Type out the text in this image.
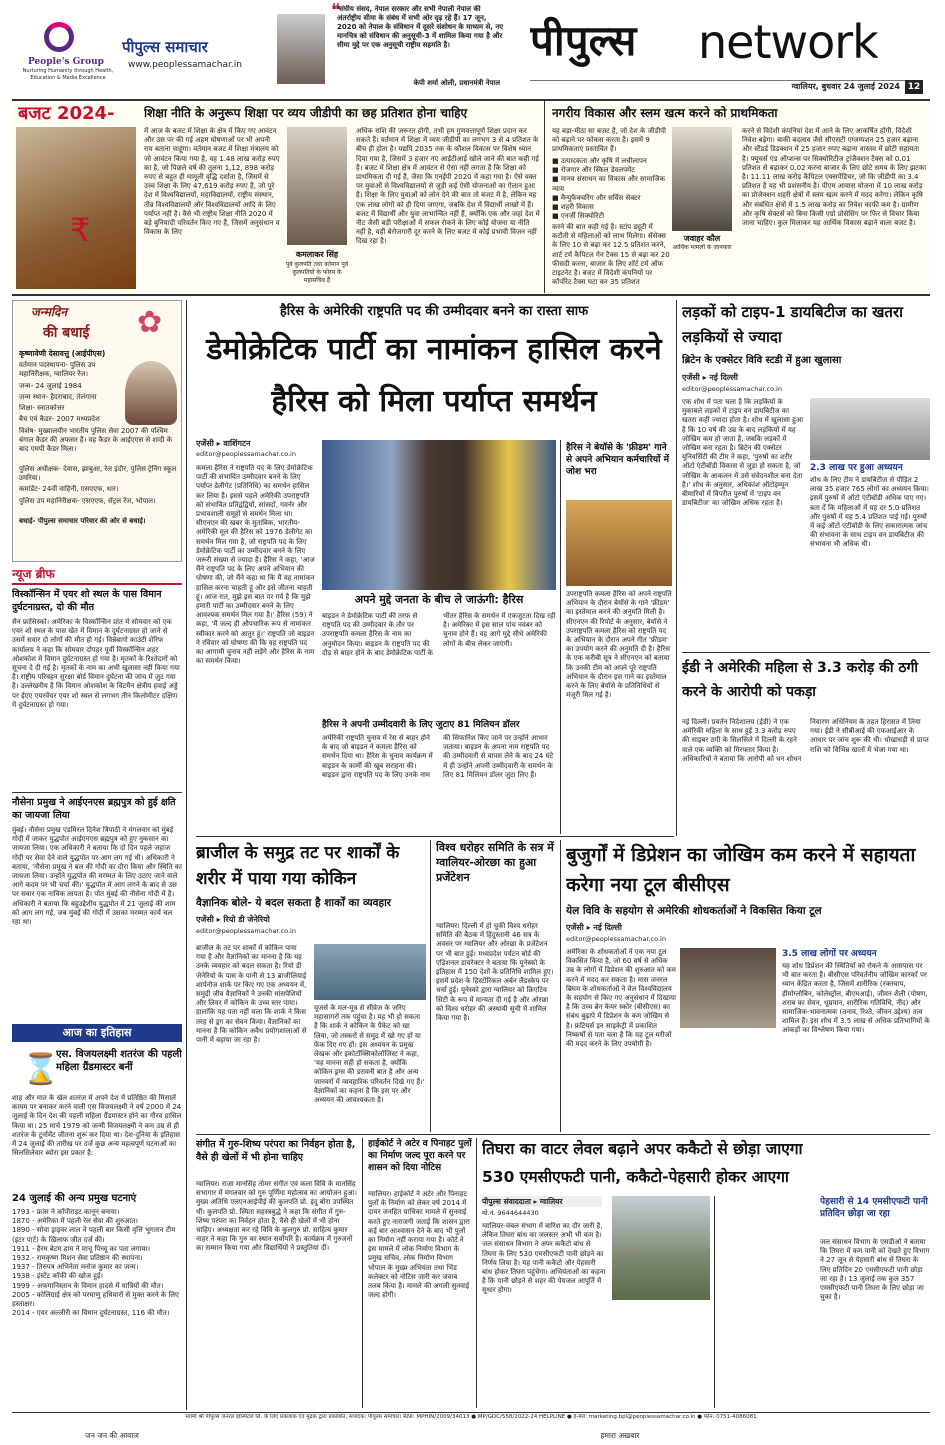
People's Group
Nurturing Humanity through Health, Education & Media Excellence
पीपुल्स समाचार
www.peoplessamachar.in
❝
'संघीय संसद, नेपाल सरकार और सभी नेपाली नेपाल की अंतर्राष्ट्रीय सीमा के संबंध में सभी ओर दृढ़ रहे हैं। 17 जून, 2020 को नेपाल के संविधान में दूसरे संशोधन के माध्यम से, नए मानचित्र को संविधान की अनुसूची-3 में शामिल किया गया है और सीमा मुद्दे पर एक अनुसूची राष्ट्रीय सहमति है।
केपी शर्मा ओली, प्रधानमंत्री नेपाल
पीपुल्स	network
ग्वालियर, बुधवार 24 जुलाई 2024 12
बजट 2024-
₹
शिक्षा नीति के अनुरूप शिक्षा पर व्यय जीडीपी का छह प्रतिशत होना चाहिए
में आज के बजट में शिक्षा के क्षेत्र में किए गए आवंटन और उस पर की गई अहम घोषणाओं पर भी अपनी राय बताना चाहूंगा। वर्तमान बजट में शिक्षा मंत्रालय को जो आवंटन किया गया है, वह 1.48 लाख करोड़ रुपए का है, जो पिछले वर्ष की तुलना 1,12, 898 करोड़ रुपए से बहुत ही मामूली वृद्धि दर्शाता है, जिसमें से उच्च शिक्षा के लिए 47,619 करोड़ रुपए है, जो पूरे देश में विश्वविद्यालयों, महाविद्यालयों, राष्ट्रीय संस्थान, तीव्र विश्वविद्यालयों और विश्वविद्यालयों आदि के लिए पर्याप्त नहीं है। वैसे भी राष्ट्रीय शिक्षा नीति 2020 में बड़े बुनियादी परिवर्तन किए गए हैं, जिसमें अनुसंधान व विकास के लिए
कमलाकर सिंह
पूर्व कुलपति तथा वर्तमान पूर्व कुलपतियों के फोरम के महासचिव हैं
अधिक राशि की जरूरत होगी, तभी हम गुणवत्तापूर्ण शिक्षा प्रदान कर सकते हैं। वर्तमान में शिक्षा में व्यय जीडीपी का लगभग 3 से 4 प्रतिशत के बीच ही होता है। यद्यपि 2035 तक के कौशल विकास पर विशेष ध्यान दिया गया है, जिसमें 3 हजार नए आईटीआई खोले जाने की बात कही गई है। बजट में शिक्षा क्षेत्र में आवंटन से ऐसा नहीं लगता है कि शिक्षा को प्राथमिकता दी गई है, जैसा कि एनईपी 2020 में कहा गया है। ऐसे वक्त पर युवाओं से विश्वविद्यालयों से जुड़ी कई ऐसी योजनाओं का ऐलान हुआ है। शिक्षा के लिए युवाओं को लोन देने की बात तो बजट में है, लेकिन यह एक लाख लोगों को ही दिया जाएगा, जबकि देश में विद्यार्थी लाखों में हैं। बजट में विद्यार्थी और युवा लाभान्वित नहीं हैं, क्योंकि एक और जहां देश में नीट जैसी बड़ी परीक्षाओं में सफल रोकने के लिए कोई योजना या नीति नहीं है, वहीं बेरोजगारी दूर करने के लिए बजट में कोई प्रभावी विजन नहीं दिख रहा है।
नगरीय विकास और स्लम खत्म करने को प्राथमिकता
यह बड़ा-मीठा सा बजट है, जो देश के जीडीपी को बढ़ाने पर फोकस करता है। इसमें 9 प्राथमिकताएं प्रस्तावित हैं।
■ उत्पादकता और कृषि में लचीलापन
■ रोजगार और स्किल डेवलपमेंट
■ मानव संसाधन का विकास और सामाजिक न्याय
■ मैन्युफैक्चरिंग और सर्विस सेक्टर
■ शहरी विकास
■ एनर्जी सिक्योरिटी
जवाहर कौल
आर्थिक मामलों के जानकार
करने की बात कही गई है। स्टांप ड्यूटी में कटौती से महिलाओं को लाभ मिलेगा। सेंसेक्स के लिए 10 से बढ़ा कर 12.5 प्रतिशत करने, शार्ट टर्म कैपिटल गेन टैक्स 15 से बढ़ा कर 20 फीसदी करना, बाजार के लिए शॉर्ट टर्म ऑफ टाइटनेट है। बजट में विदेशी कंपनियों पर कॉर्पोरेट टैक्स घटा कर 35 प्रतिशत
करने से विदेशी कंपनियां देश में आने के लिए आकर्षित होंगी, विदेशी निवेश बढ़ेगा। बाकी बदलाव जैसे सीएसटी एग्जम्पशन 25 हजार बढ़ाना और स्टैंडर्ड डिडक्शन में 25 हजार रुपए बढ़ाना वास्तव में छोटी सहायता है। फ्यूचर्स एंड ऑप्शन्स पर सिक्योरिटीज ट्रांजैक्शन टैक्स को 0.01 प्रतिशत से बढ़ाकर 0.02 करना बाजार के लिए छोटे समय के लिए झटका है। 11.11 लाख करोड़ कैपिटल एक्सपेंडिचर, जो कि जीडीपी का 3.4 प्रतिशत है यह भी प्रशंसनीय है। पीएम आवास योजना में 10 लाख करोड़ का प्रोजेक्शन शहरी क्षेत्रों में स्लम खत्म करने में मदद करेगा। लेकिन कृषि और संबंधित क्षेत्रों में 1.5 लाख करोड़ का निवेश काफी कम है। ग्रामीण और कृषि सेक्टर्स को बिना किसी एग्रो प्रोसेसिंग पर फिर से विचार किया जाना चाहिए। कुल मिलाकर यह आर्थिक विकास बढ़ाने वाला बजट है।
जन्मदिन
की बधाई	✿
कृष्णावेणी देसावत्तु (आईपीएस)
वर्तमान पदस्थापना- पुलिस उप महानिरीक्षक, ग्वालियर रेंज।
जन्म- 24 जुलाई 1984
जन्म स्थान- हैदराबाद, तेलंगाना
शिक्षा- स्नातकोत्तर
बैच एवं कैडर- 2007 मध्यप्रदेश
विशेष- मुख्यालयीन भारतीय पुलिस सेवा 2007 की पश्चिम बंगाल कैडर की अफसर हैं। वह कैडर के आईएएस से शादी के बाद एमपी कैडर मिला।
पुलिस अधीक्षक- देवास, झाबुआ, रेल इंदौर, पुलिस ट्रेनिंग स्कूल उमरिया।
कमांडेंट- 24वीं वाहिनी, एसएएफ, धार।
पुलिस उप महानिरीक्षक- एसएएफ, सेंट्रल रेंज, भोपाल।
बधाई- पीपुल्स समाचार परिवार की ओर से बधाई।
न्यूज ब्रीफ
विस्कॉन्सिन में एयर शो स्थल के पास विमान दुर्घटनाग्रस्त, दो की मौत
सैन फ्रांसिस्को। अमेरिका के विस्कॉन्सिन प्रांत में सोमवार को एक एयर शो स्थल के पास खेत में विमान के दुर्घटनाग्रस्त हो जाने से उसमें सवार दो लोगों की मौत हो गई। विन्नेबागो काउंटी शेरिफ कार्यालय ने कहा कि सोमवार दोपहर पूर्वी विस्कॉन्सिन शहर ओशकोश में विमान दुर्घटनाग्रस्त हो गया है। मृतकों के रिश्तेदारों को सूचना दे दी गई है। मृतकों के नाम का अभी खुलासा नहीं किया गया है। राष्ट्रीय परिवहन सुरक्षा बोर्ड विमान दुर्घटना की जांच में जुट गया है। उल्लेखनीय है कि विमान ओशकोश के विटमैन क्षेत्रीय हवाई अड्डे पर ईएए एयरवेंचर एयर शो स्थल से लगभग तीन किलोमीटर दक्षिण में दुर्घटनाग्रस्त हो गया।
नौसेना प्रमुख ने आईएनएस ब्रह्मपुत्र को हुई क्षति का जायजा लिया
मुंबई। नौसेना प्रमुख एडमिरल दिनेश त्रिपाठी ने मंगलवार को मुंबई गोदी में जाकर युद्धपोत आईएनएस ब्रह्मपुत्र को हुए नुकसान का जायजा लिया। एक अधिकारी ने बताया कि दो दिन पहले जहाज गोदी पर सेवा देने वाले युद्धपोत पर आग लग गई थी। अधिकारी ने बताया, 'नौसेना प्रमुख ने बल की गोदी का दौरा किया और स्थिति का जायजा लिया। उन्होंने युद्धपोत की मरम्मत के लिए उठाए जाने वाले आगे कदम पर भी चर्चा की।' युद्धपोत में आग लगने के बाद से उस पर सवार एक नाविक लापता है। पोत मुंबई की नौसेना गोदी में है। अधिकारी ने बताया कि बहुउद्देशीय युद्धपोत में 21 जुलाई की शाम को आग लग गई, जब मुंबई की गोदी में उसका मरम्मत कार्य चल रहा था।
आज का इतिहास
⌛
एस. विजयलक्ष्मी शतरंज की पहली महिला ग्रैंडमास्टर बनीं
शाह और मात के खेल शतरंज में अपने देश में प्रतिष्ठित की मिसालें कायम पर बनाकर करने वाली एस विजयलक्ष्मी ने वर्ष 2000 में 24 जुलाई के दिन देश की पहली महिला ग्रैंडमास्टर होने का गौरव हासिल किया था। 25 मार्च 1979 को जन्मी विजयलक्ष्मी ने कम उम्र से ही शतरंज के टूर्नामेंट जीतना शुरू कर दिया था। देश-दुनिया के इतिहास में 24 जुलाई की तारीख पर दर्ज कुछ अन्य महत्वपूर्ण घटनाओं का सिलसिलेवार ब्योरा इस प्रकार है:
24 जुलाई की अन्य प्रमुख घटनाएं
1793 - फ्रांस ने कॉपीराइट कानून बनाया।
1870 - अमेरिका में पहली रेल सेवा की शुरुआत।
1890 - सोवा ड्राइवर लाल ने पहली बार किसी वृत्ति भुगतान टीम (इंटर पार्ट) के खिलाफ जीत दर्ज की।
1911 - हैरम बेटम हाम ने माचू पिच्चू का पता लगाया।
1932 - रामकृष्ण मिशन सेवा प्रतिष्ठान की स्थापना।
1937 - तिरुपत्र अभिनेता मनोज कुमार का जन्म।
1938 - इंस्टेंट कॉफी की खोज हुई।
1999 - अफगानिस्तान के विमान हादसे में यात्रियों की मौत।
2005 - कोलिग्राई क्षेत्र को परमाणु हथियारों से मुक्त करने के लिए हस्ताक्षर।
2014 - एयर अल्जीरी का विमान दुर्घटनाग्रस्त, 116 की मौत।
हैरिस के अमेरिकी राष्ट्रपति पद की उम्मीदवार बनने का रास्ता साफ
डेमोक्रेटिक पार्टी का नामांकन हासिल करने हैरिस को मिला पर्याप्त समर्थन
एजेंसी ▸ वाशिंगटन
editor@peoplessamachar.co.in
कमला हैरिस ने राष्ट्रपति पद के लिए डेमोक्रेटिक पार्टी की संभावित उम्मीदवार बनने के लिए पर्याप्त डेलीगेट (प्रतिनिधि) का समर्थन हासिल कर लिया है। इससे पहले अमेरिकी उपराष्ट्रपति को संभावित प्रतिद्वंद्वियों, सांसदों, गवर्नर और प्रभावशाली समूहों से समर्थन मिला था। सीएनएन की खबर के मुताबिक, भारतीय-अमेरिकी मूल की हैरिस को 1976 डेलीगेट का समर्थन मिल गया है, जो राष्ट्रपति पद के लिए डेमोक्रेटिक पार्टी का उम्मीदवार बनने के लिए जरूरी संख्या से ज्यादा है। हैरिस ने कहा, 'आज मैंने राष्ट्रपति पद के लिए अपने अभियान की घोषणा की, जो मैंने कहा था कि मैं यह नामांकन हासिल करना चाहती हूं और इसे जीतना चाहती हूं। आज रात, मुझे इस बात पर गर्व है कि मुझे हमारी पार्टी का उम्मीदवार बनने के लिए आवश्यक समर्थन मिल गया है।' हैरिस (59) ने कहा, 'मैं जल्द ही औपचारिक रूप से नामांकन स्वीकार करने को आतुर हूं।' राष्ट्रपति जो बाइडन ने रविवार को घोषणा की कि वह राष्ट्रपति पद का आगामी चुनाव नहीं लड़ेंगे और हैरिस के नाम का समर्थन किया।
अपने मुद्दे जनता के बीच ले जाऊंगी: हैरिस
बाइडन ने डेमोक्रेटिक पार्टी की तरफ से राष्ट्रपति पद की उम्मीदवार के तौर पर उपराष्ट्रपति कमला हैरिस के नाम का अनुमोदन किया। बाइडन के राष्ट्रपति पद की दौड़ से बाहर होने के बाद डेमोक्रेटिक पार्टी के भीतर हैरिस के समर्थन में एकजुटता दिख रही है। अमेरिका में इस साल पांच नवंबर को चुनाव होने हैं। वह आगे मुद्दे सीधे अमेरिकी लोगों के बीच लेकर जाएंगी।
हैरिस ने अपनी उम्मीदवारी के लिए जुटाए 81 मिलियन डॉलर
अमेरिकी राष्ट्रपति चुनाव में रेस से बाहर होने के बाद जो बाइडन ने कमला हैरिस को समर्थन दिया था। हैरिस के चुनाव कार्यक्रम में बाइडन के कार्मी की खूब सराहना की। बाइडन द्वारा राष्ट्रपति पद के लिए उनके नाम की सिफारिश किए जाने पर उन्होंने आभार जताया। बाइडन के अपना नाम राष्ट्रपति पद की उम्मीदवारी से वापस लेने के बाद 24 घंटे में ही उन्होंने अपनी उम्मीदवारी के समर्थन के लिए 81 मिलियन डॉलर जुटा लिए हैं।
हैरिस ने बेयॉसे के 'फ्रीडम' गाने से अपने अभियान कर्मचारियों में जोश भरा
उपराष्ट्रपति कमला हैरिस को अपने राष्ट्रपति अभियान के दौरान बेयॉसे के गाने 'फ्रीडम' का इस्तेमाल करने की अनुमति मिली है। सीएनएन की रिपोर्ट के अनुसार, बेयॉसे ने उपराष्ट्रपति कमला हैरिस को राष्ट्रपति पद के अभियान के दौरान अपने गीत 'फ्रीडम' का उपयोग करने की अनुमति दी है। हैरिस के एक करीबी सूत्र ने सीएनएन को बताया कि उनकी टीम को अपने पूरे राष्ट्रपति अभियान के दौरान इस गाने का इस्तेमाल करने के लिए बेयॉसे के प्रतिनिधियों से मंजूरी मिल गई है।
ब्राजील के समुद्र तट पर शार्कों के शरीर में पाया गया कोकिन
वैज्ञानिक बोले- ये बदल सकता है शार्कों का व्यवहार
एजेंसी ▸ रियो डी जेनेरियो
editor@peoplessamachar.co.in
ब्राजील के तट पर शार्कों में कोकिन पाया गया है और वैज्ञानिकों का मानना है कि यह उनके व्यवहार को बदल सकता है। रियो डी जेनेरियो के पास के पानी से 13 ब्राजीलियाई शार्पनोज शार्क पर किए गए एक अध्ययन में, समुद्री जीव वैज्ञानिकों ने उनकी मांसपेशियों और लिवर में कोकिन के उच्च स्तर पाया। हालांकि यह पता नहीं चला कि शार्क ने किस तरह से ड्रग का सेवन किया। वैज्ञानिकों का मानना है कि कोकिन अवैध प्रयोगशालाओं से पानी में बहाया जा रहा है।
यूजर्स के मल-मूत्र से सीवेज के जरिए महासागरों तक पहुंचा है। यह भी हो सकता है कि शार्क ने कोकिन के पैकेट को खा लिया, जो तस्करों से समुद्र में खो गए हों या फेंक दिए गए हों। इस अध्ययन के प्रमुख लेखक और इकोटॉक्सिकोलॉजिस्ट ने कहा, 'यह मानना सही हो सकता है, क्योंकि कोकिन ड्रग्स की डरावनी बात है और अन्य जानवरों में व्यवहारिक परिवर्तन दिखे गए हैं।' वैज्ञानिकों का कहना है कि इस पर और अध्ययन की आवश्यकता है।
विश्व धरोहर समिति के सत्र में ग्वालियर-ओरछा का हुआ प्रजेंटेशन
ग्वालियर। दिल्ली में हो चुकी विश्व धरोहर समिति की बैठक में हिंदुस्तानी 46 सत्र के अवसर पर ग्वालियर और ओरछा के प्रजेंटेशन पर भी बात हुई। मध्यप्रदेश पर्यटन बोर्ड की एडिशनल डायरेक्टर ने बताया कि यूनेस्को के इतिहास में 150 देशों के प्रतिनिधि शामिल हुए। इसमें प्रदेश के हिस्टोरिकल अर्बन लैंडस्केप पर चर्चा हुई। यूनेस्को द्वारा ग्वालियर को क्रिएटिव सिटी के रूप में मान्यता दी गई है और ओरछा को विश्व धरोहर की अस्थायी सूची में शामिल किया गया है।
बुजुर्गों में डिप्रेशन का जोखिम कम करने में सहायता करेगा नया टूल बीसीएस
येल विवि के सहयोग से अमेरिकी शोधकर्ताओं ने विकसित किया टूल
एजेंसी ▸ नई दिल्ली
editor@peoplessamachar.co.in
अमेरिका के शोधकर्ताओं ने एक नया टूल विकसित किया है, जो 60 वर्ष से अधिक उम्र के लोगों में डिप्रेशन की शुरुआत को कम करने में मदद कर सकता है। मास जनरल ब्रिघम के शोधकर्ताओं ने येल विश्वविद्यालय के सहयोग से किए गए अनुसंधान में दिखाया है कि उच्च ब्रेन केयर स्कोर (बीसीएस) का संबंध बुढ़ापे में डिप्रेशन के कम जोखिम से है। फ्रंटियर्स इन साइकेट्री में प्रकाशित निष्कर्षों से पता चला है कि यह टूल मरीजों की मदद करने के लिए उपयोगी है।
3.5 लाख लोगों पर अध्ययन
यह शोध डिप्रेशन की स्थितियों को रोकने के आसपास पर भी बात करता है। बीसीएस परिवर्तनीय जोखिम कारकों पर ध्यान केंद्रित करता है, जिसमें शारीरिक (रक्तचाप, हीमोग्लोबिन, कोलेस्ट्रॉल, बीएमआई), जीवन शैली (पोषण, शराब का सेवन, धूम्रपान, शारीरिक गतिविधि, नींद) और सामाजिक-भावनात्मक (तनाव, रिश्ते, जीवन उद्देश्य) तत्व शामिल हैं। इस शोध में 3.5 लाख से अधिक प्रतिभागियों के आंकड़ों का विश्लेषण किया गया।
लड़कों को टाइप-1 डायबिटीज का खतरा लड़कियों से ज्यादा
ब्रिटेन के एक्सेटर विवि स्टडी में हुआ खुलासा
एजेंसी ▸ नई दिल्ली
editor@peoplessamachar.co.in
एक शोध में पता चला है कि लड़कियों के मुकाबले लड़कों में टाइप वन डायबिटीज का खतरा कहीं ज्यादा होता है। शोध में खुलासा हुआ है कि 10 वर्ष की उम्र के बाद लड़कियों में यह जोखिम कम हो जाता है, जबकि लड़कों में जोखिम बना रहता है। ब्रिटेन की एक्सेटर यूनिवर्सिटी की टीम ने कहा, 'पुरुषों का शरीर ऑटो एंटीबॉडी विकास से जुड़ा हो सकता है, जो जोखिम के आकलन में उसे संवेदनशील बना देता है।' शोध के अनुसार, अधिकांश ऑटोइम्यून बीमारियों में विपरीत पुरुषों में 'टाइप वन डायबिटीज' का जोखिम अधिक रहता है।
2.3 लाख पर हुआ अध्ययन
शोध के लिए टीम ने डायबिटीज से पीड़ित 2 लाख 35 हजार 765 लोगों का अध्ययन किया। इसमें पुरुषों में ऑटो एंटीबॉडी अधिक पाए गए। बता दें कि महिलाओं में यह दर 5.0 प्रतिशत और पुरुषों में यह 5.4 प्रतिशत पाई गई। पुरुषों में कई ऑटो एंटीबॉडी के लिए सकारात्मक जांच की संभावना के साथ टाइप वन डायबिटीज की संभावना भी अधिक थी।
ईडी ने अमेरिकी महिला से 3.3 करोड़ की ठगी करने के आरोपी को पकड़ा
नई दिल्ली। प्रवर्तन निदेशालय (ईडी) ने एक अमेरिकी महिला के साथ हुई 3.3 करोड़ रुपए की साइबर ठगी के सिलसिले में दिल्ली के रहने वाले एक व्यक्ति को गिरफ्तार किया है। अधिकारियों ने बताया कि आरोपी को धन शोधन निवारण अधिनियम के तहत हिरासत में लिया गया। ईडी ने सीबीआई की एफआईआर के आधार पर जांच शुरू की थी। धोखाधड़ी से प्राप्त राशि को विभिन्न खातों में भेजा गया था।
संगीत में गुरु-शिष्य परंपरा का निर्वहन होता है, वैसे ही खेलों में भी होना चाहिए
ग्वालियर। राजा मानसिंह तोमर संगीत एवं कला विवि के मानसिंह सभागार में मंगलवार को गुरु पूर्णिमा महोत्सव का आयोजन हुआ। मुख्य अतिथि एलएनआईपीई की कुलपति प्रो. इंदु बोरा उपस्थित थीं। कुलपति प्रो. स्मिता सहस्त्रबुद्धे ने कहा कि संगीत में गुरु-शिष्य परंपरा का निर्वहन होता है, वैसे ही खेलों में भी होना चाहिए। अध्यक्षता कर रहे विवि के कुलगुरु प्रो. साहित्य कुमार नाहर ने कहा कि गुरु का स्थान सर्वोपरि है। कार्यक्रम में गुरुजनों का सम्मान किया गया और विद्यार्थियों ने प्रस्तुतियां दीं।
हाईकोर्ट ने अटेर व पिनाहट पुलों का निर्माण जल्द पूरा करने पर शासन को दिया नोटिस
ग्वालियर। हाईकोर्ट ने अटेर और पिनाहट पुलों के निर्माण को लेकर वर्ष 2014 में दायर जनहित याचिका मामले में सुनवाई करते हुए नाराजगी जताई कि शासन द्वारा कई बार आश्वासन देने के बाद भी पुलों का निर्माण नहीं कराया गया है। कोर्ट ने इस मामले में लोक निर्माण विभाग के प्रमुख सचिव, लोक निर्माण विभाग भोपाल के मुख्य अभियंता तथा भिंड कलेक्टर को नोटिस जारी कर जवाब तलब किया है। मामले की अगली सुनवाई जल्द होगी।
तिघरा का वाटर लेवल बढ़ाने अपर ककैटो से छोड़ा जाएगा
530 एमसीएफटी पानी, ककैटो-पेहसारी होकर आएगा
पीपुल्स संवाददाता ▸ ग्वालियर
मो.नं. 9644644430
ग्वालियर-चंबल संभाग में बारिश का दौर जारी है, लेकिन तिघरा बांध का जलस्तर अभी भी कम है। जल संसाधन विभाग ने अपर ककैटो बांध से तिघरा के लिए 530 एमसीएफटी पानी छोड़ने का निर्णय लिया है। यह पानी ककैटो और पेहसारी बांध होकर तिघरा पहुंचेगा। अभियंताओं का कहना है कि पानी छोड़ने से शहर की पेयजल आपूर्ति में सुधार होगा।
पेहसारी से 14 एमसीएफटी पानी प्रतिदिन छोड़ा जा रहा
जल संसाधन विभाग के एसडीओ ने बताया कि तिघरा में कम पानी को देखते हुए विभाग ने 27 जून से पेहसारी बांध से तिघरा के लिए प्रतिदिन 20 एमसीएफटी पानी छोड़ा जा रहा है। 13 जुलाई तक कुल 357 एमसीएफटी पानी तिघरा के लिए छोड़ा जा चुका है।
स्वामी श्री पीपुल्स जनरल हॉस्पिटल लि. के लिए प्रकाशक एवं मुद्रक द्वारा प्रकाशित, संपादक: पीपुल्स समाचार। RNI: MPHIN/2009/34013 ● MP/GDC/558/2022-24 HELPLINE ● ई-मेल: marketing.bpl@peoplessamachar.co.in ● फोन: 0751-4086081
जन जन की आवाज	हमारा अखबार
